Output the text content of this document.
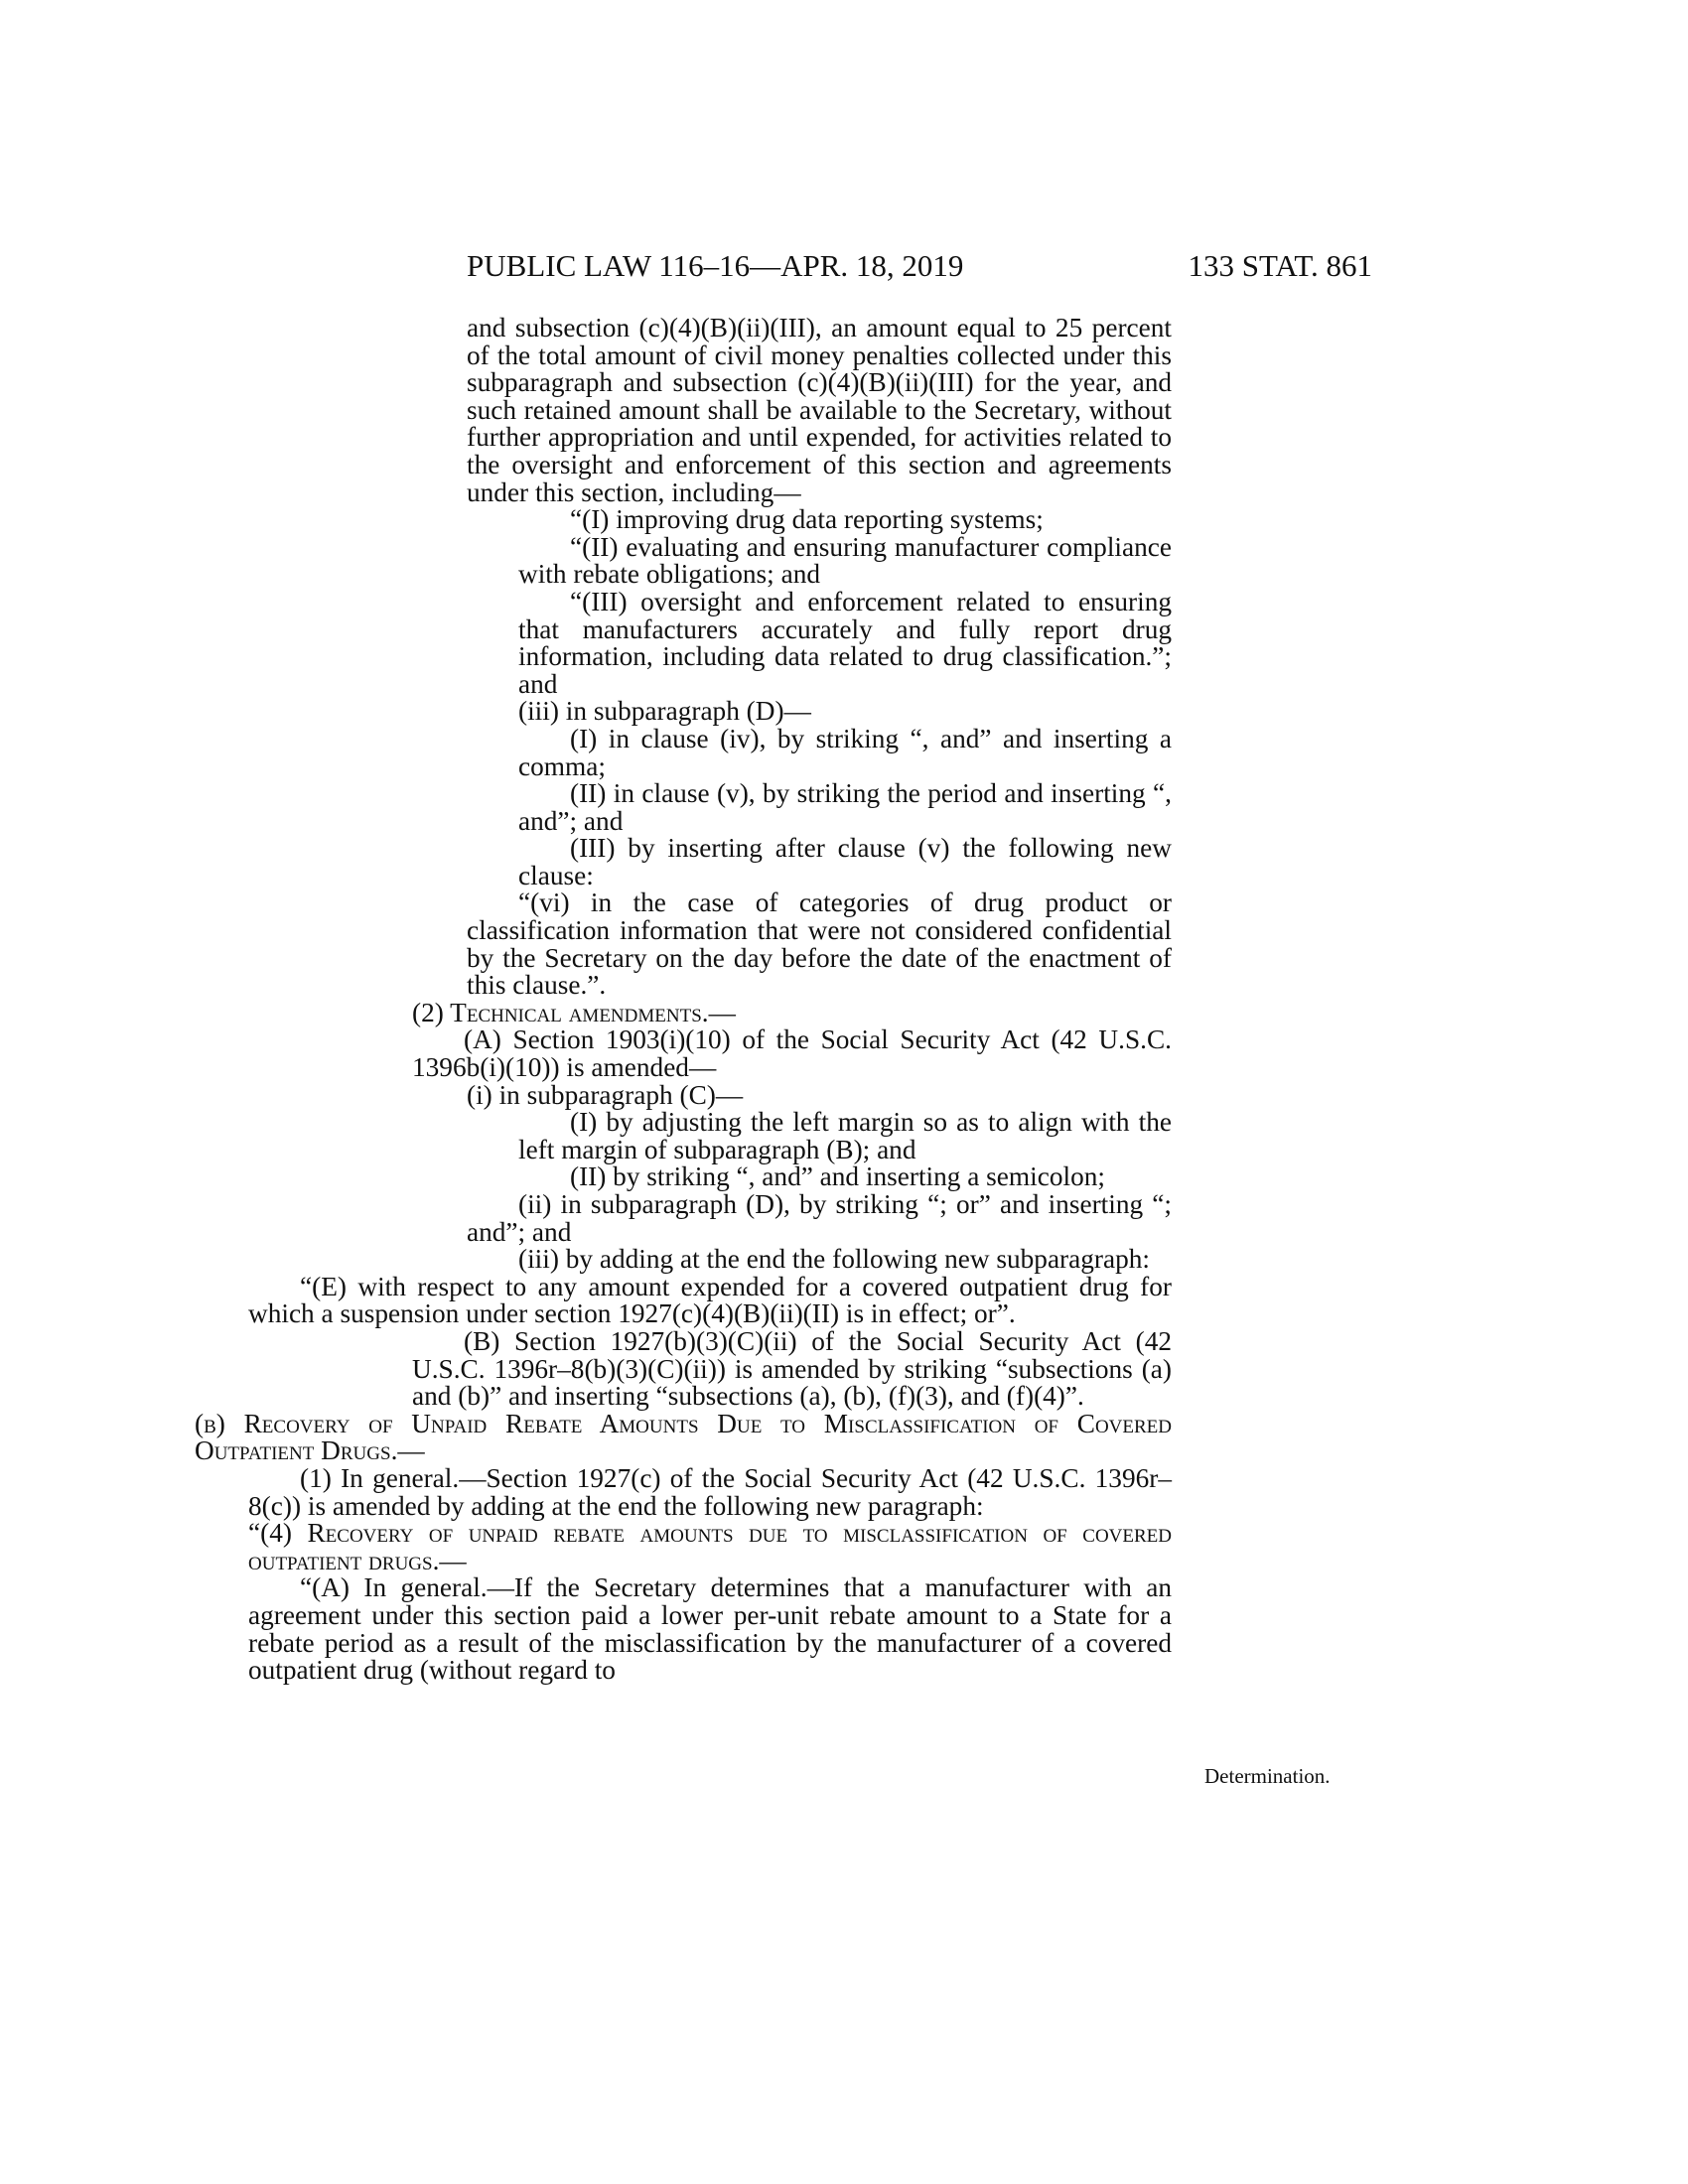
PUBLIC LAW 116–16—APR. 18, 2019	133 STAT. 861

and subsection (c)(4)(B)(ii)(III), an amount equal to 25 percent of the total amount of civil money penalties collected under this subparagraph and subsection (c)(4)(B)(ii)(III) for the year, and such retained amount shall be available to the Secretary, without further appropriation and until expended, for activities related to the oversight and enforcement of this section and agreements under this section, including—

“(I) improving drug data reporting systems;

“(II) evaluating and ensuring manufacturer compliance with rebate obligations; and

“(III) oversight and enforcement related to ensuring that manufacturers accurately and fully report drug information, including data related to drug classification.”; and

(iii) in subparagraph (D)—

(I) in clause (iv), by striking “, and” and inserting a comma;

(II) in clause (v), by striking the period and inserting “, and”; and

(III) by inserting after clause (v) the following new clause:

“(vi) in the case of categories of drug product or classification information that were not considered confidential by the Secretary on the day before the date of the enactment of this clause.”.

(2) Technical amendments.—

(A) Section 1903(i)(10) of the Social Security Act (42 U.S.C. 1396b(i)(10)) is amended—

(i) in subparagraph (C)—

(I) by adjusting the left margin so as to align with the left margin of subparagraph (B); and

(II) by striking “, and” and inserting a semicolon;

(ii) in subparagraph (D), by striking “; or” and inserting “; and”; and

(iii) by adding at the end the following new subparagraph:

“(E) with respect to any amount expended for a covered outpatient drug for which a suspension under section 1927(c)(4)(B)(ii)(II) is in effect; or”.

(B) Section 1927(b)(3)(C)(ii) of the Social Security Act (42 U.S.C. 1396r–8(b)(3)(C)(ii)) is amended by striking “subsections (a) and (b)” and inserting “subsections (a), (b), (f)(3), and (f)(4)”.

(b) Recovery of Unpaid Rebate Amounts Due to Misclassification of Covered Outpatient Drugs.—

(1) In general.—Section 1927(c) of the Social Security Act (42 U.S.C. 1396r–8(c)) is amended by adding at the end the following new paragraph:

“(4) Recovery of unpaid rebate amounts due to misclassification of covered outpatient drugs.—

“(A) In general.—If the Secretary determines that a manufacturer with an agreement under this section paid a lower per-unit rebate amount to a State for a rebate period as a result of the misclassification by the manufacturer of a covered outpatient drug (without regard to

Determination.
